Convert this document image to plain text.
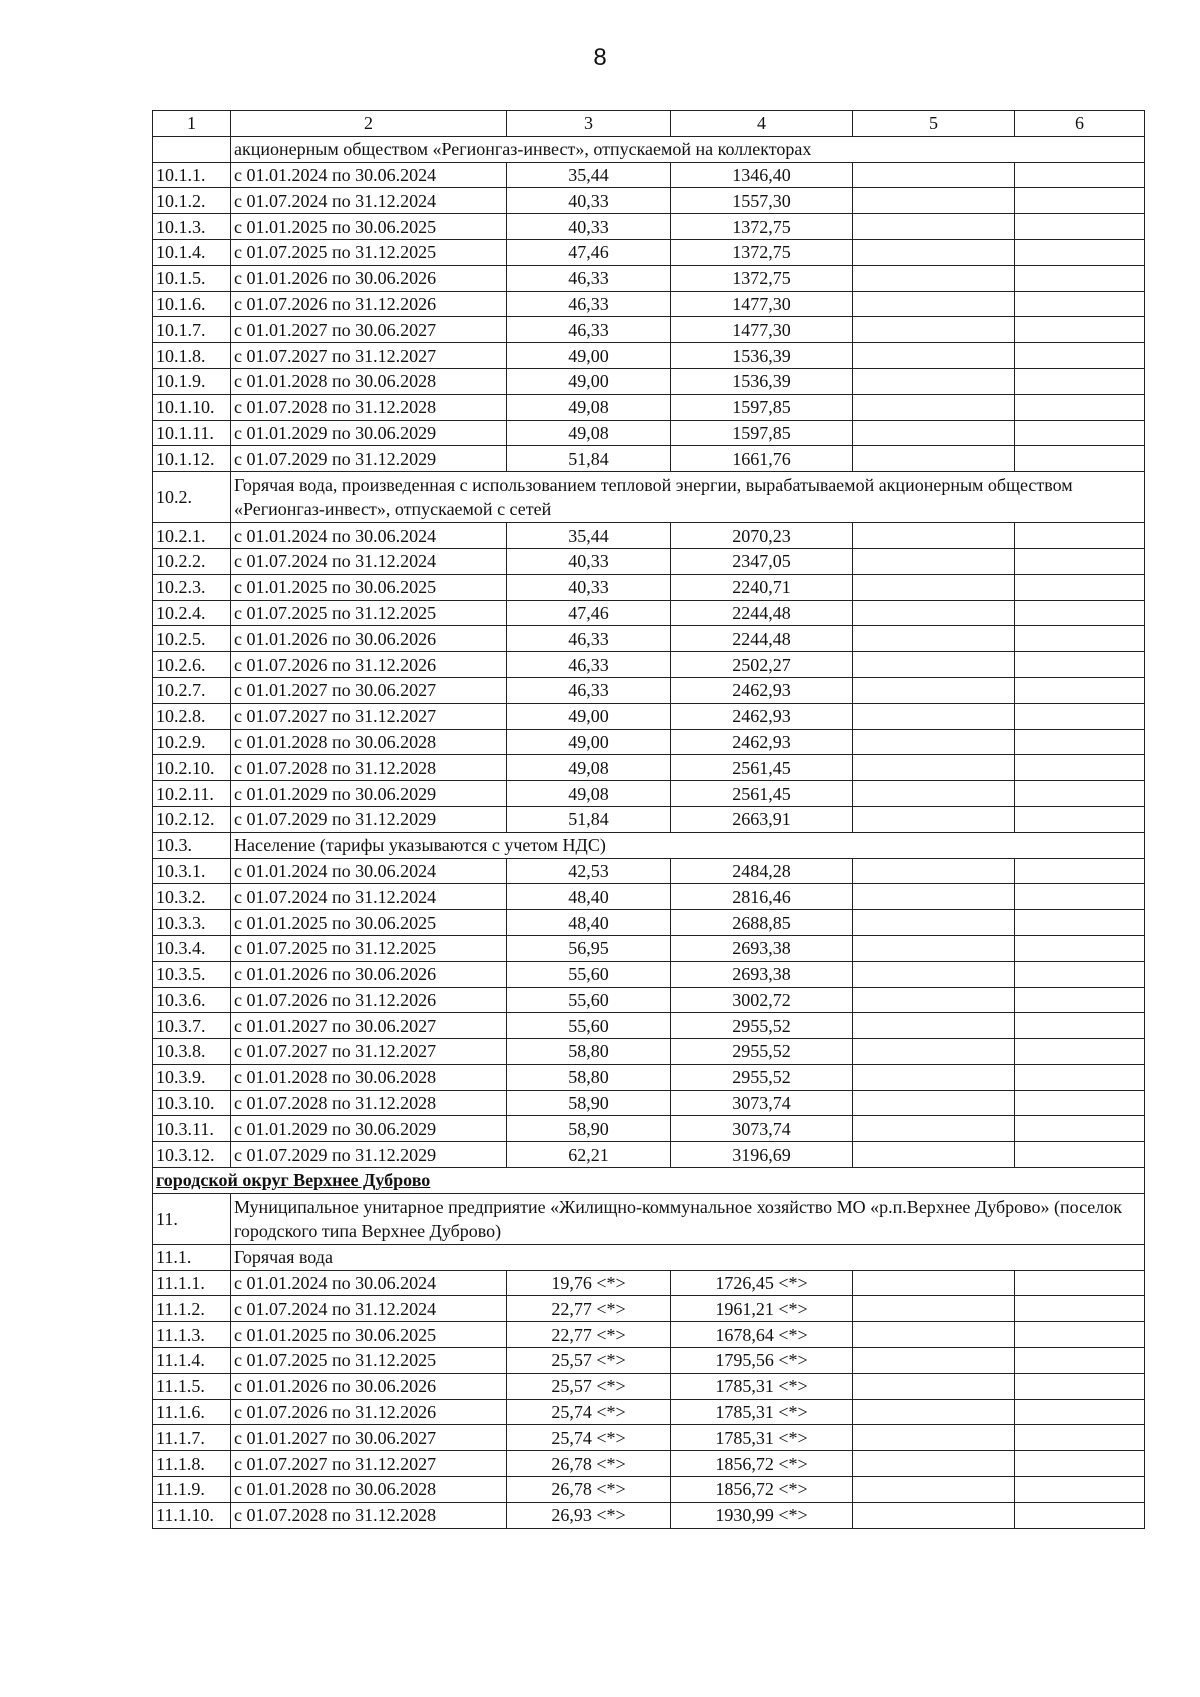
8
1	2	3	4	5	6
	акционерным обществом «Регионгаз-инвест», отпускаемой на коллекторах				
10.1.1.	с 01.01.2024 по 30.06.2024	35,44	1346,40		
10.1.2.	с 01.07.2024 по 31.12.2024	40,33	1557,30		
10.1.3.	с 01.01.2025 по 30.06.2025	40,33	1372,75		
10.1.4.	с 01.07.2025 по 31.12.2025	47,46	1372,75		
10.1.5.	с 01.01.2026 по 30.06.2026	46,33	1372,75		
10.1.6.	с 01.07.2026 по 31.12.2026	46,33	1477,30		
10.1.7.	с 01.01.2027 по 30.06.2027	46,33	1477,30		
10.1.8.	с 01.07.2027 по 31.12.2027	49,00	1536,39		
10.1.9.	с 01.01.2028 по 30.06.2028	49,00	1536,39		
10.1.10.	с 01.07.2028 по 31.12.2028	49,08	1597,85		
10.1.11.	с 01.01.2029 по 30.06.2029	49,08	1597,85		
10.1.12.	с 01.07.2029 по 31.12.2029	51,84	1661,76		
10.2.	Горячая вода, произведенная с использованием тепловой энергии, вырабатываемой акционерным обществом «Регионгаз-инвест», отпускаемой с сетей				
10.2.1.	с 01.01.2024 по 30.06.2024	35,44	2070,23		
10.2.2.	с 01.07.2024 по 31.12.2024	40,33	2347,05		
10.2.3.	с 01.01.2025 по 30.06.2025	40,33	2240,71		
10.2.4.	с 01.07.2025 по 31.12.2025	47,46	2244,48		
10.2.5.	с 01.01.2026 по 30.06.2026	46,33	2244,48		
10.2.6.	с 01.07.2026 по 31.12.2026	46,33	2502,27		
10.2.7.	с 01.01.2027 по 30.06.2027	46,33	2462,93		
10.2.8.	с 01.07.2027 по 31.12.2027	49,00	2462,93		
10.2.9.	с 01.01.2028 по 30.06.2028	49,00	2462,93		
10.2.10.	с 01.07.2028 по 31.12.2028	49,08	2561,45		
10.2.11.	с 01.01.2029 по 30.06.2029	49,08	2561,45		
10.2.12.	с 01.07.2029 по 31.12.2029	51,84	2663,91		
10.3.	Население (тарифы указываются с учетом НДС)				
10.3.1.	с 01.01.2024 по 30.06.2024	42,53	2484,28		
10.3.2.	с 01.07.2024 по 31.12.2024	48,40	2816,46		
10.3.3.	с 01.01.2025 по 30.06.2025	48,40	2688,85		
10.3.4.	с 01.07.2025 по 31.12.2025	56,95	2693,38		
10.3.5.	с 01.01.2026 по 30.06.2026	55,60	2693,38		
10.3.6.	с 01.07.2026 по 31.12.2026	55,60	3002,72		
10.3.7.	с 01.01.2027 по 30.06.2027	55,60	2955,52		
10.3.8.	с 01.07.2027 по 31.12.2027	58,80	2955,52		
10.3.9.	с 01.01.2028 по 30.06.2028	58,80	2955,52		
10.3.10.	с 01.07.2028 по 31.12.2028	58,90	3073,74		
10.3.11.	с 01.01.2029 по 30.06.2029	58,90	3073,74		
10.3.12.	с 01.07.2029 по 31.12.2029	62,21	3196,69		
городской округ Верхнее Дуброво					
11.	Муниципальное унитарное предприятие «Жилищно-коммунальное хозяйство МО «р.п.Верхнее Дуброво» (поселок городского типа Верхнее Дуброво)				
11.1.	Горячая вода				
11.1.1.	с 01.01.2024 по 30.06.2024	19,76 <*>	1726,45 <*>		
11.1.2.	с 01.07.2024 по 31.12.2024	22,77 <*>	1961,21 <*>		
11.1.3.	с 01.01.2025 по 30.06.2025	22,77 <*>	1678,64 <*>		
11.1.4.	с 01.07.2025 по 31.12.2025	25,57 <*>	1795,56 <*>		
11.1.5.	с 01.01.2026 по 30.06.2026	25,57 <*>	1785,31 <*>		
11.1.6.	с 01.07.2026 по 31.12.2026	25,74 <*>	1785,31 <*>		
11.1.7.	с 01.01.2027 по 30.06.2027	25,74 <*>	1785,31 <*>		
11.1.8.	с 01.07.2027 по 31.12.2027	26,78 <*>	1856,72 <*>		
11.1.9.	с 01.01.2028 по 30.06.2028	26,78 <*>	1856,72 <*>		
11.1.10.	с 01.07.2028 по 31.12.2028	26,93 <*>	1930,99 <*>		
